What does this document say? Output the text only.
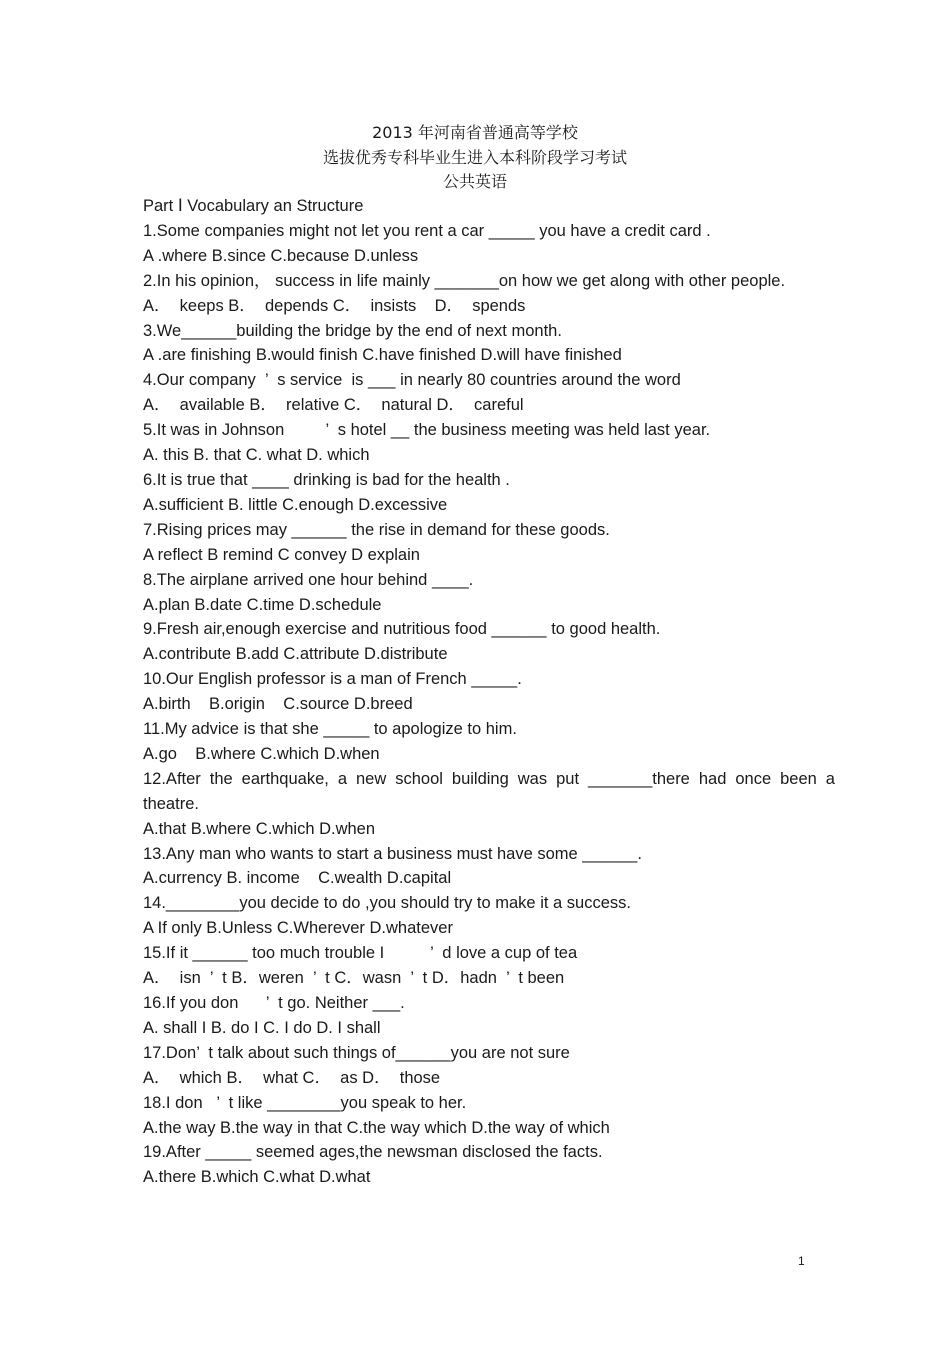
2013 年河南省普通高等学校
选拔优秀专科毕业生进入本科阶段学习考试
公共英语
Part Ⅰ Vocabulary an Structure
1.Some companies might not let you rent a car _____ you have a credit card .
A .where B.since C.because D.unless
2.In his opinion， success in life mainly _______on how we get along with other people.
A．  keeps B．  depends C．  insists    D．  spends
3.We______building the bridge by the end of next month.
A .are finishing B.would finish C.have finished D.will have finished
4.Our company  ’  s service  is ___ in nearly 80 countries around the word
A．  available B．  relative C．  natural D．  careful
5.It was in Johnson         ’  s hotel __ the business meeting was held last year.
A. this B. that C. what D. which
6.It is true that ____ drinking is bad for the health .
A.sufficient B. little C.enough D.excessive
7.Rising prices may ______ the rise in demand for these goods.
A reflect B remind C convey D explain
8.The airplane arrived one hour behind ____.
A.plan B.date C.time D.schedule
9.Fresh air,enough exercise and nutritious food ______ to good health.
A.contribute B.add C.attribute D.distribute
10.Our English professor is a man of French _____.
A.birth    B.origin    C.source D.breed
11.My advice is that she _____ to apologize to him.
A.go    B.where C.which D.when
12.After the earthquake, a new school building was put _______there had once been a theatre.
A.that B.where C.which D.when
13.Any man who wants to start a business must have some ______.
A.currency B. income    C.wealth D.capital
14.________you decide to do ,you should try to make it a success.
A If only B.Unless C.Wherever D.whatever
15.If it ______ too much trouble I          ’  d love a cup of tea
A．  isn  ’  t B．weren  ’  t C．wasn  ’  t D．hadn  ’  t been
16.If you don      ’  t go. Neither ___.
A. shall I B. do I C. I do D. I shall
17.Don’  t talk about such things of______you are not sure
A．  which B．  what C．  as D．  those
18.I don   ’  t like ________you speak to her.
A.the way B.the way in that C.the way which D.the way of which
19.After _____ seemed ages,the newsman disclosed the facts.
A.there B.which C.what D.what
1
